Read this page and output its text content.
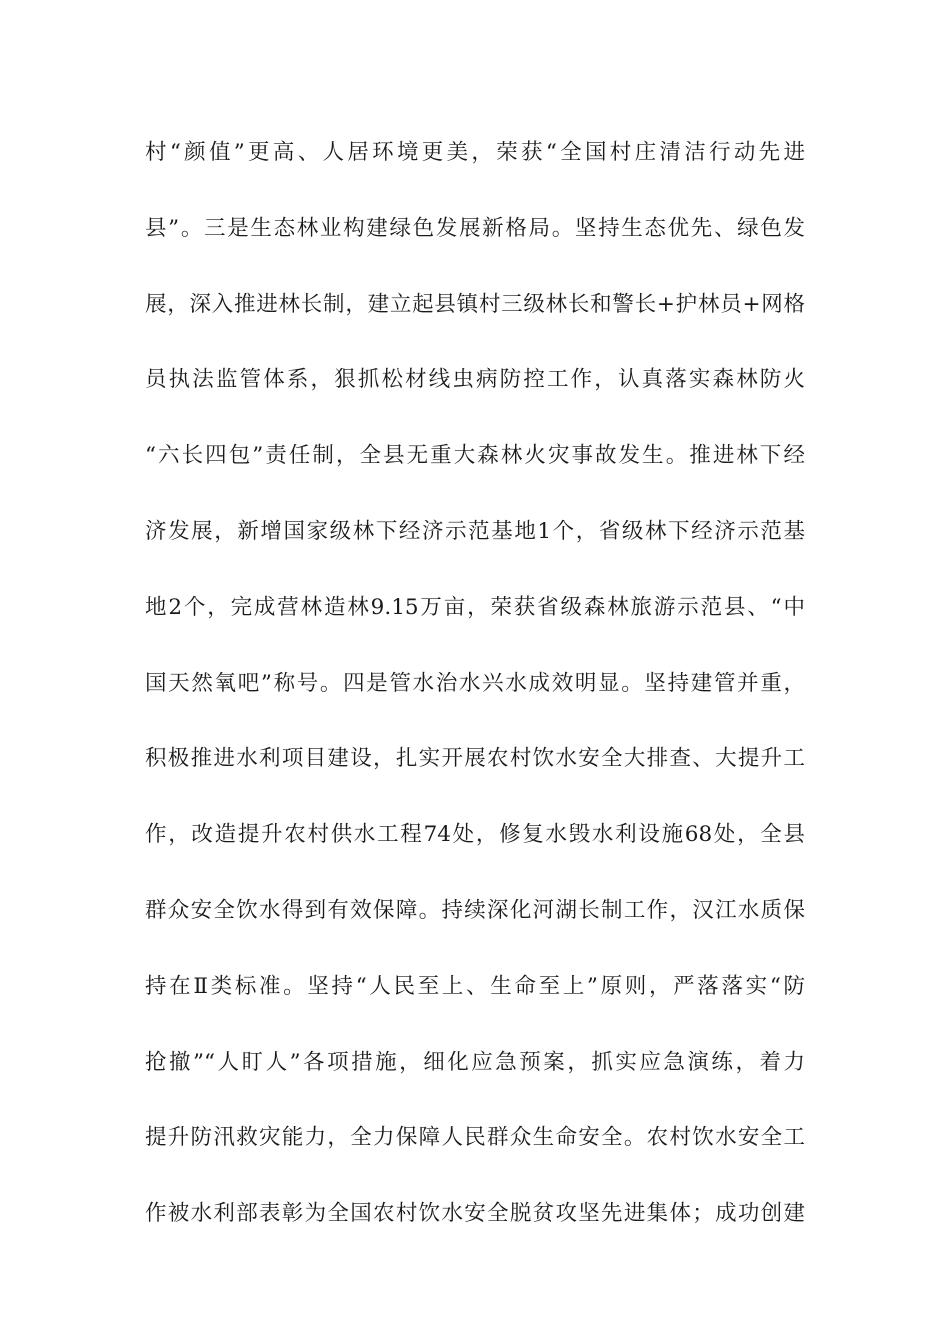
村“颜值”更高、人居环境更美，荣获“全国村庄清洁行动先进
县”。三是生态林业构建绿色发展新格局。坚持生态优先、绿色发
展，深入推进林长制，建立起县镇村三级林长和警长+护林员+网格
员执法监管体系，狠抓松材线虫病防控工作，认真落实森林防火
“六长四包”责任制，全县无重大森林火灾事故发生。推进林下经
济发展，新增国家级林下经济示范基地1个，省级林下经济示范基
地2个，完成营林造林9.15万亩，荣获省级森林旅游示范县、“中
国天然氧吧”称号。四是管水治水兴水成效明显。坚持建管并重，
积极推进水利项目建设，扎实开展农村饮水安全大排查、大提升工
作，改造提升农村供水工程74处，修复水毁水利设施68处，全县
群众安全饮水得到有效保障。持续深化河湖长制工作，汉江水质保
持在Ⅱ类标准。坚持“人民至上、生命至上”原则，严落落实“防
抢撤”“人盯人”各项措施，细化应急预案，抓实应急演练，着力
提升防汛救灾能力，全力保障人民群众生命安全。农村饮水安全工
作被水利部表彰为全国农村饮水安全脱贫攻坚先进集体；成功创建
